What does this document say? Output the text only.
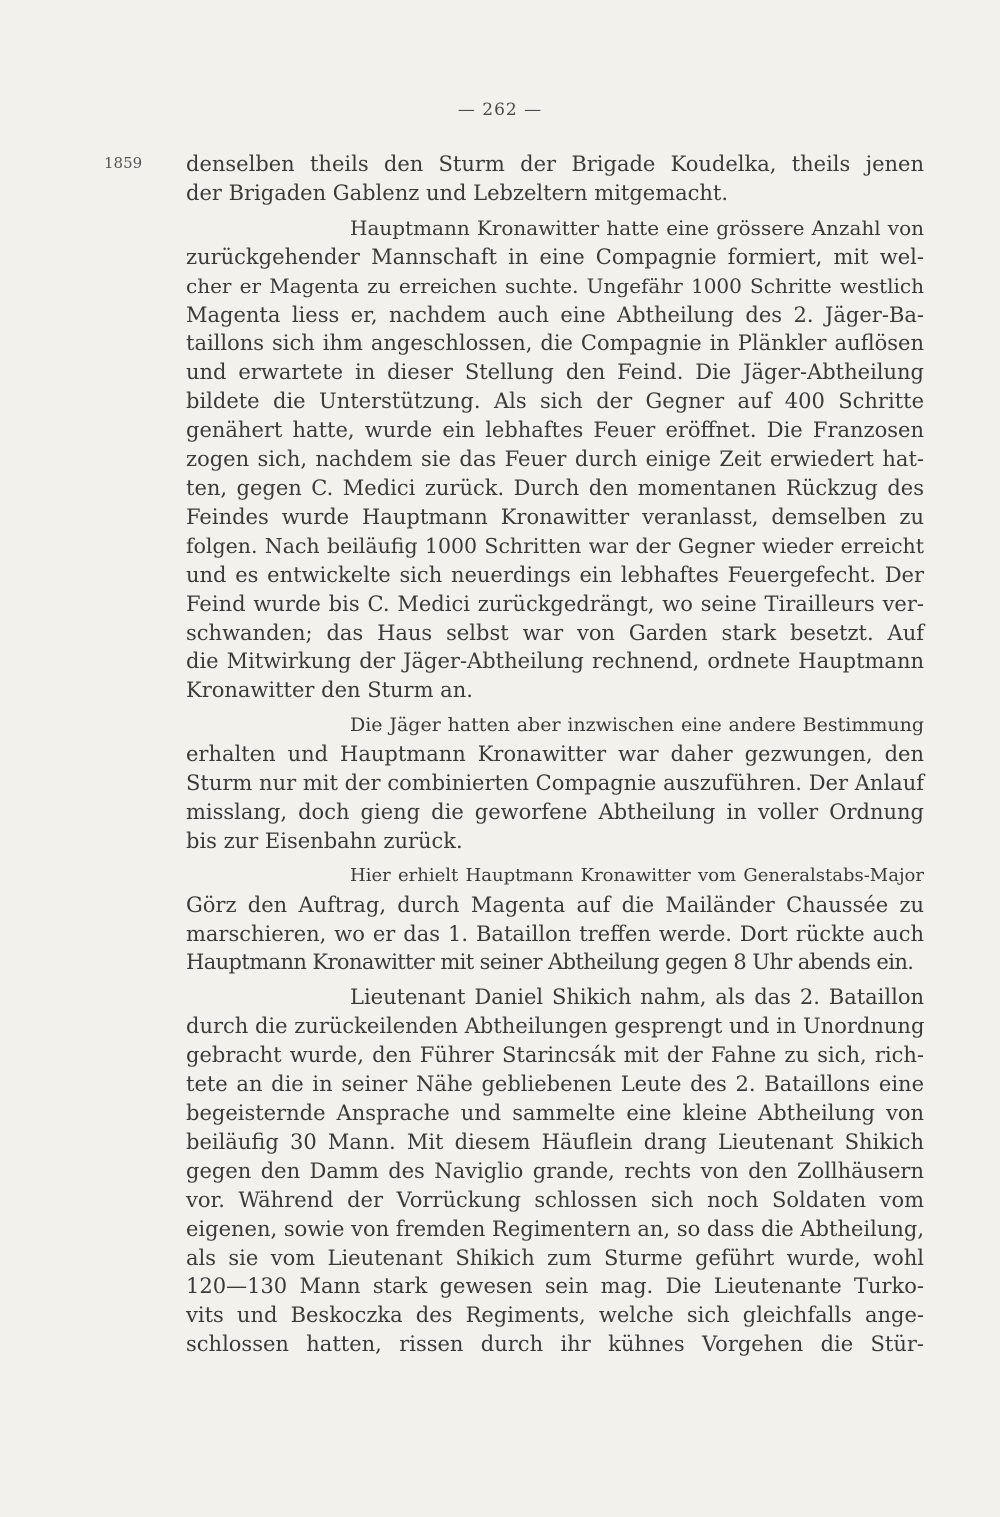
— 262 —
1859 denselben theils den Sturm der Brigade Koudelka, theils jenen
der Brigaden Gablenz und Lebzeltern mitgemacht.

Hauptmann Kronawitter hatte eine grössere Anzahl von
zurückgehender Mannschaft in eine Compagnie formiert, mit wel-
cher er Magenta zu erreichen suchte. Ungefähr 1000 Schritte westlich
Magenta liess er, nachdem auch eine Abtheilung des 2. Jäger-Ba-
taillons sich ihm angeschlossen, die Compagnie in Plänkler auflösen
und erwartete in dieser Stellung den Feind. Die Jäger-Abtheilung
bildete die Unterstützung. Als sich der Gegner auf 400 Schritte
genähert hatte, wurde ein lebhaftes Feuer eröffnet. Die Franzosen
zogen sich, nachdem sie das Feuer durch einige Zeit erwiedert hat-
ten, gegen C. Medici zurück. Durch den momentanen Rückzug des
Feindes wurde Hauptmann Kronawitter veranlasst, demselben zu
folgen. Nach beiläufig 1000 Schritten war der Gegner wieder erreicht
und es entwickelte sich neuerdings ein lebhaftes Feuergefecht. Der
Feind wurde bis C. Medici zurückgedrängt, wo seine Tirailleurs ver-
schwanden; das Haus selbst war von Garden stark besetzt. Auf
die Mitwirkung der Jäger-Abtheilung rechnend, ordnete Hauptmann
Kronawitter den Sturm an.

Die Jäger hatten aber inzwischen eine andere Bestimmung
erhalten und Hauptmann Kronawitter war daher gezwungen, den
Sturm nur mit der combinierten Compagnie auszuführen. Der Anlauf
misslang, doch gieng die geworfene Abtheilung in voller Ordnung
bis zur Eisenbahn zurück.

Hier erhielt Hauptmann Kronawitter vom Generalstabs-Major
Görz den Auftrag, durch Magenta auf die Mailänder Chaussée zu
marschieren, wo er das 1. Bataillon treffen werde. Dort rückte auch
Hauptmann Kronawitter mit seiner Abtheilung gegen 8 Uhr abends ein.

Lieutenant Daniel Shikich nahm, als das 2. Bataillon
durch die zurückeilenden Abtheilungen gesprengt und in Unordnung
gebracht wurde, den Führer Starincsák mit der Fahne zu sich, rich-
tete an die in seiner Nähe gebliebenen Leute des 2. Bataillons eine
begeisternde Ansprache und sammelte eine kleine Abtheilung von
beiläufig 30 Mann. Mit diesem Häuflein drang Lieutenant Shikich
gegen den Damm des Naviglio grande, rechts von den Zollhäusern
vor. Während der Vorrückung schlossen sich noch Soldaten vom
eigenen, sowie von fremden Regimentern an, so dass die Abtheilung,
als sie vom Lieutenant Shikich zum Sturme geführt wurde, wohl
120—130 Mann stark gewesen sein mag. Die Lieutenante Turko-
vits und Beskoczka des Regiments, welche sich gleichfalls ange-
schlossen hatten, rissen durch ihr kühnes Vorgehen die Stür-
